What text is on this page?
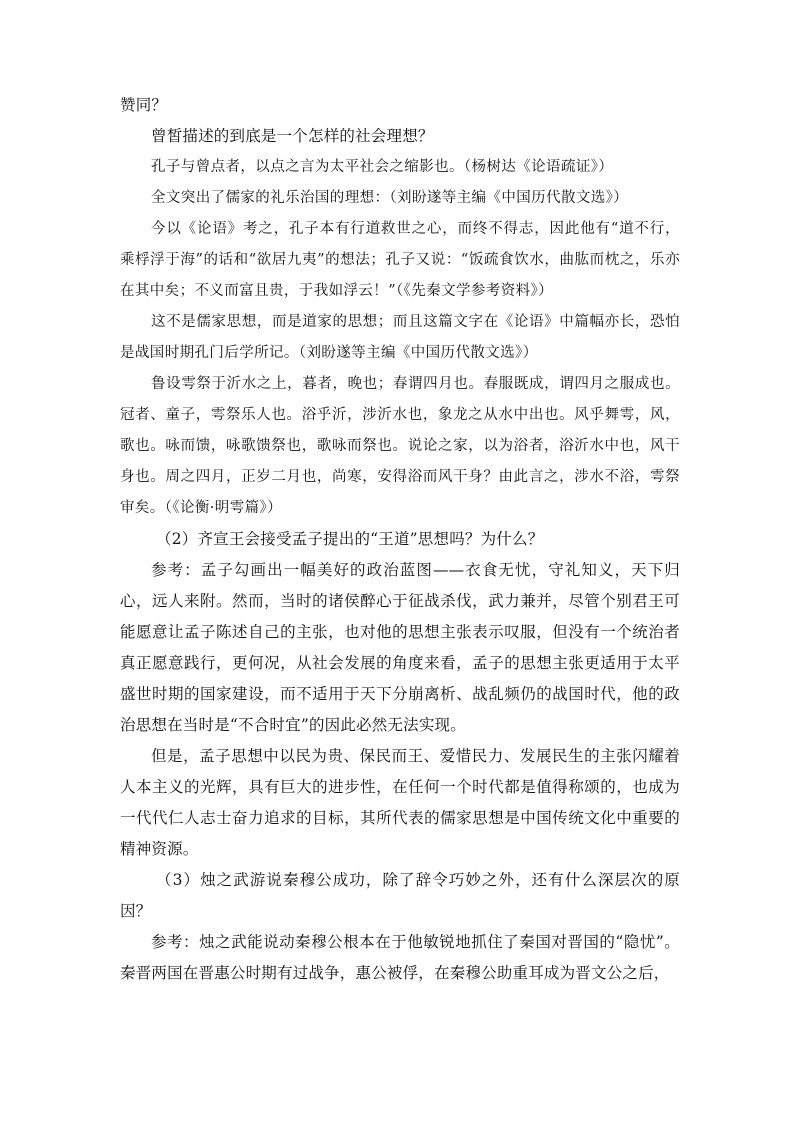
赞同？

曾皙描述的到底是一个怎样的社会理想？

孔子与曾点者，以点之言为太平社会之缩影也。（杨树达《论语疏证》）

全文突出了儒家的礼乐治国的理想：（刘盼遂等主编《中国历代散文选》）

今以《论语》考之，孔子本有行道救世之心，而终不得志，因此他有“道不行，乘桴浮于海”的话和“欲居九夷”的想法；孔子又说：“饭疏食饮水，曲肱而枕之，乐亦在其中矣；不义而富且贵，于我如浮云！”（《先秦文学参考资料》）

这不是儒家思想，而是道家的思想；而且这篇文字在《论语》中篇幅亦长，恐怕是战国时期孔门后学所记。（刘盼遂等主编《中国历代散文选》）

鲁设雩祭于沂水之上，暮者，晚也；春谓四月也。春服既成，谓四月之服成也。冠者、童子，雩祭乐人也。浴乎沂，涉沂水也，象龙之从水中出也。风乎舞雩，风，歌也。咏而馈，咏歌馈祭也，歌咏而祭也。说论之家，以为浴者，浴沂水中也，风干身也。周之四月，正岁二月也，尚寒，安得浴而风干身？由此言之，涉水不浴，雩祭审矣。（《论衡·明雩篇》）

（2）齐宣王会接受孟子提出的“王道”思想吗？为什么？

参考：孟子勾画出一幅美好的政治蓝图——衣食无忧，守礼知义，天下归心，远人来附。然而，当时的诸侯醉心于征战杀伐，武力兼并，尽管个别君王可能愿意让孟子陈述自己的主张，也对他的思想主张表示叹服，但没有一个统治者真正愿意践行，更何况，从社会发展的角度来看，孟子的思想主张更适用于太平盛世时期的国家建设，而不适用于天下分崩离析、战乱频仍的战国时代，他的政治思想在当时是“不合时宜”的因此必然无法实现。

但是，孟子思想中以民为贵、保民而王、爱惜民力、发展民生的主张闪耀着人本主义的光辉，具有巨大的进步性，在任何一个时代都是值得称颂的，也成为一代代仁人志士奋力追求的目标，其所代表的儒家思想是中国传统文化中重要的精神资源。

（3）烛之武游说秦穆公成功，除了辞令巧妙之外，还有什么深层次的原因？

参考：烛之武能说动秦穆公根本在于他敏锐地抓住了秦国对晋国的“隐忧”。秦晋两国在晋惠公时期有过战争，惠公被俘，在秦穆公助重耳成为晋文公之后，
